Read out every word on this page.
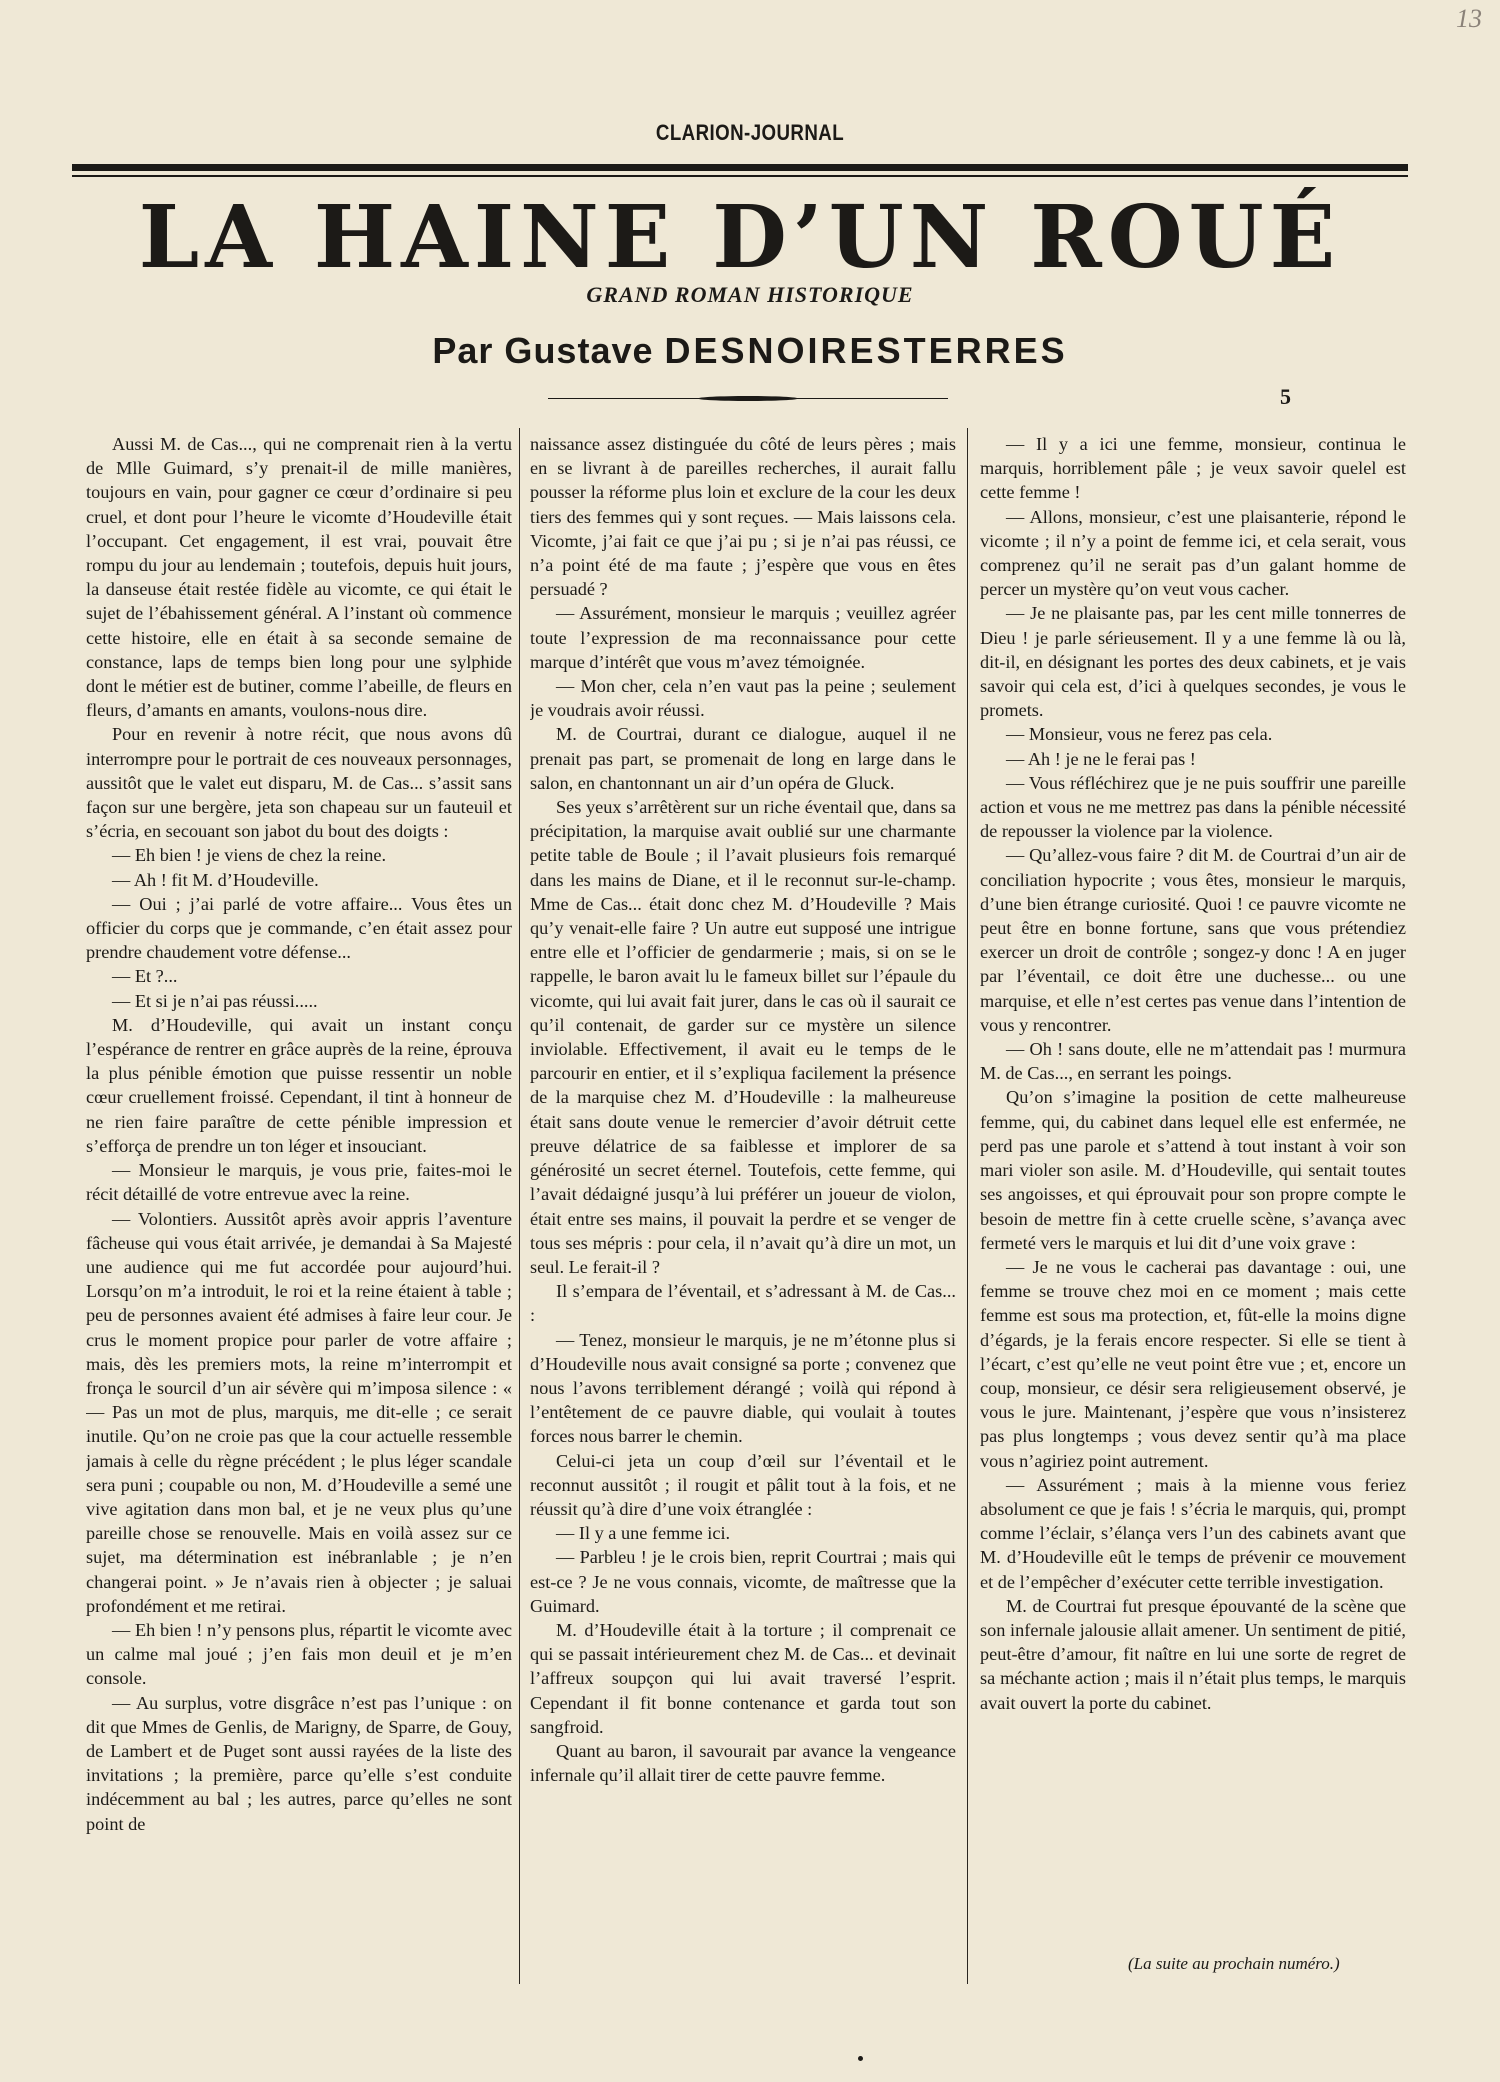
13
CLARION-JOURNAL
LA HAINE D’UN ROUÉ
GRAND ROMAN HISTORIQUE
Par Gustave DESNOIRESTERRES
5

Aussi M. de Cas..., qui ne comprenait rien à la vertu de Mlle Guimard, s’y prenait-il de mille manières, toujours en vain, pour gagner ce cœur d’ordinaire si peu cruel, et dont pour l’heure le vicomte d’Houdeville était l’occupant. Cet engagement, il est vrai, pouvait être rompu du jour au lendemain ; toutefois, depuis huit jours, la danseuse était restée fidèle au vicomte, ce qui était le sujet de l’ébahissement général. A l’instant où commence cette histoire, elle en était à sa seconde semaine de constance, laps de temps bien long pour une sylphide dont le métier est de butiner, comme l’abeille, de fleurs en fleurs, d’amants en amants, voulons-nous dire.

Pour en revenir à notre récit, que nous avons dû interrompre pour le portrait de ces nouveaux personnages, aussitôt que le valet eut disparu, M. de Cas... s’assit sans façon sur une bergère, jeta son chapeau sur un fauteuil et s’écria, en secouant son jabot du bout des doigts :

— Eh bien ! je viens de chez la reine.

— Ah ! fit M. d’Houdeville.

— Oui ; j’ai parlé de votre affaire... Vous êtes un officier du corps que je commande, c’en était assez pour prendre chaudement votre défense...

— Et ?...

— Et si je n’ai pas réussi.....

M. d’Houdeville, qui avait un instant conçu l’espérance de rentrer en grâce auprès de la reine, éprouva la plus pénible émotion que puisse ressentir un noble cœur cruellement froissé. Cependant, il tint à honneur de ne rien faire paraître de cette pénible impression et s’efforça de prendre un ton léger et insouciant.

— Monsieur le marquis, je vous prie, faites-moi le récit détaillé de votre entrevue avec la reine.

— Volontiers. Aussitôt après avoir appris l’aventure fâcheuse qui vous était arrivée, je demandai à Sa Majesté une audience qui me fut accordée pour aujourd’hui. Lorsqu’on m’a introduit, le roi et la reine étaient à table ; peu de personnes avaient été admises à faire leur cour. Je crus le moment propice pour parler de votre affaire ; mais, dès les premiers mots, la reine m’interrompit et fronça le sourcil d’un air sévère qui m’imposa silence : « — Pas un mot de plus, marquis, me dit-elle ; ce serait inutile. Qu’on ne croie pas que la cour actuelle ressemble jamais à celle du règne précédent ; le plus léger scandale sera puni ; coupable ou non, M. d’Houdeville a semé une vive agitation dans mon bal, et je ne veux plus qu’une pareille chose se renouvelle. Mais en voilà assez sur ce sujet, ma détermination est inébranlable ; je n’en changerai point. » Je n’avais rien à objecter ; je saluai profondément et me retirai.

— Eh bien ! n’y pensons plus, répartit le vicomte avec un calme mal joué ; j’en fais mon deuil et je m’en console.

— Au surplus, votre disgrâce n’est pas l’unique : on dit que Mmes de Genlis, de Marigny, de Sparre, de Gouy, de Lambert et de Puget sont aussi rayées de la liste des invitations ; la première, parce qu’elle s’est conduite indécemment au bal ; les autres, parce qu’elles ne sont point de

naissance assez distinguée du côté de leurs pères ; mais en se livrant à de pareilles recherches, il aurait fallu pousser la réforme plus loin et exclure de la cour les deux tiers des femmes qui y sont reçues. — Mais laissons cela. Vicomte, j’ai fait ce que j’ai pu ; si je n’ai pas réussi, ce n’a point été de ma faute ; j’espère que vous en êtes persuadé ?

— Assurément, monsieur le marquis ; veuillez agréer toute l’expression de ma reconnaissance pour cette marque d’intérêt que vous m’avez témoignée.

— Mon cher, cela n’en vaut pas la peine ; seulement je voudrais avoir réussi.

M. de Courtrai, durant ce dialogue, auquel il ne prenait pas part, se promenait de long en large dans le salon, en chantonnant un air d’un opéra de Gluck.

Ses yeux s’arrêtèrent sur un riche éventail que, dans sa précipitation, la marquise avait oublié sur une charmante petite table de Boule ; il l’avait plusieurs fois remarqué dans les mains de Diane, et il le reconnut sur-le-champ. Mme de Cas... était donc chez M. d’Houdeville ? Mais qu’y venait-elle faire ? Un autre eut supposé une intrigue entre elle et l’officier de gendarmerie ; mais, si on se le rappelle, le baron avait lu le fameux billet sur l’épaule du vicomte, qui lui avait fait jurer, dans le cas où il saurait ce qu’il contenait, de garder sur ce mystère un silence inviolable. Effectivement, il avait eu le temps de le parcourir en entier, et il s’expliqua facilement la présence de la marquise chez M. d’Houdeville : la malheureuse était sans doute venue le remercier d’avoir détruit cette preuve délatrice de sa faiblesse et implorer de sa générosité un secret éternel. Toutefois, cette femme, qui l’avait dédaigné jusqu’à lui préférer un joueur de violon, était entre ses mains, il pouvait la perdre et se venger de tous ses mépris : pour cela, il n’avait qu’à dire un mot, un seul. Le ferait-il ?

Il s’empara de l’éventail, et s’adressant à M. de Cas... :

— Tenez, monsieur le marquis, je ne m’étonne plus si d’Houdeville nous avait consigné sa porte ; convenez que nous l’avons terriblement dérangé ; voilà qui répond à l’entêtement de ce pauvre diable, qui voulait à toutes forces nous barrer le chemin.

Celui-ci jeta un coup d’œil sur l’éventail et le reconnut aussitôt ; il rougit et pâlit tout à la fois, et ne réussit qu’à dire d’une voix étranglée :

— Il y a une femme ici.

— Parbleu ! je le crois bien, reprit Courtrai ; mais qui est-ce ? Je ne vous connais, vicomte, de maîtresse que la Guimard.

M. d’Houdeville était à la torture ; il comprenait ce qui se passait intérieurement chez M. de Cas... et devinait l’affreux soupçon qui lui avait traversé l’esprit. Cependant il fit bonne contenance et garda tout son sangfroid.

Quant au baron, il savourait par avance la vengeance infernale qu’il allait tirer de cette pauvre femme.

— Il y a ici une femme, monsieur, continua le marquis, horriblement pâle ; je veux savoir quelel est cette femme !

— Allons, monsieur, c’est une plaisanterie, répond le vicomte ; il n’y a point de femme ici, et cela serait, vous comprenez qu’il ne serait pas d’un galant homme de percer un mystère qu’on veut vous cacher.

— Je ne plaisante pas, par les cent mille tonnerres de Dieu ! je parle sérieusement. Il y a une femme là ou là, dit-il, en désignant les portes des deux cabinets, et je vais savoir qui cela est, d’ici à quelques secondes, je vous le promets.

— Monsieur, vous ne ferez pas cela.

— Ah ! je ne le ferai pas !

— Vous réfléchirez que je ne puis souffrir une pareille action et vous ne me mettrez pas dans la pénible nécessité de repousser la violence par la violence.

— Qu’allez-vous faire ? dit M. de Courtrai d’un air de conciliation hypocrite ; vous êtes, monsieur le marquis, d’une bien étrange curiosité. Quoi ! ce pauvre vicomte ne peut être en bonne fortune, sans que vous prétendiez exercer un droit de contrôle ; songez-y donc ! A en juger par l’éventail, ce doit être une duchesse... ou une marquise, et elle n’est certes pas venue dans l’intention de vous y rencontrer.

— Oh ! sans doute, elle ne m’attendait pas ! murmura M. de Cas..., en serrant les poings.

Qu’on s’imagine la position de cette malheureuse femme, qui, du cabinet dans lequel elle est enfermée, ne perd pas une parole et s’attend à tout instant à voir son mari violer son asile. M. d’Houdeville, qui sentait toutes ses angoisses, et qui éprouvait pour son propre compte le besoin de mettre fin à cette cruelle scène, s’avança avec fermeté vers le marquis et lui dit d’une voix grave :

— Je ne vous le cacherai pas davantage : oui, une femme se trouve chez moi en ce moment ; mais cette femme est sous ma protection, et, fût-elle la moins digne d’égards, je la ferais encore respecter. Si elle se tient à l’écart, c’est qu’elle ne veut point être vue ; et, encore un coup, monsieur, ce désir sera religieusement observé, je vous le jure. Maintenant, j’espère que vous n’insisterez pas plus longtemps ; vous devez sentir qu’à ma place vous n’agiriez point autrement.

— Assurément ; mais à la mienne vous feriez absolument ce que je fais ! s’écria le marquis, qui, prompt comme l’éclair, s’élança vers l’un des cabinets avant que M. d’Houdeville eût le temps de prévenir ce mouvement et de l’empêcher d’exécuter cette terrible investigation.

M. de Courtrai fut presque épouvanté de la scène que son infernale jalousie allait amener. Un sentiment de pitié, peut-être d’amour, fit naître en lui une sorte de regret de sa méchante action ; mais il n’était plus temps, le marquis avait ouvert la porte du cabinet.

(La suite au prochain numéro.)
